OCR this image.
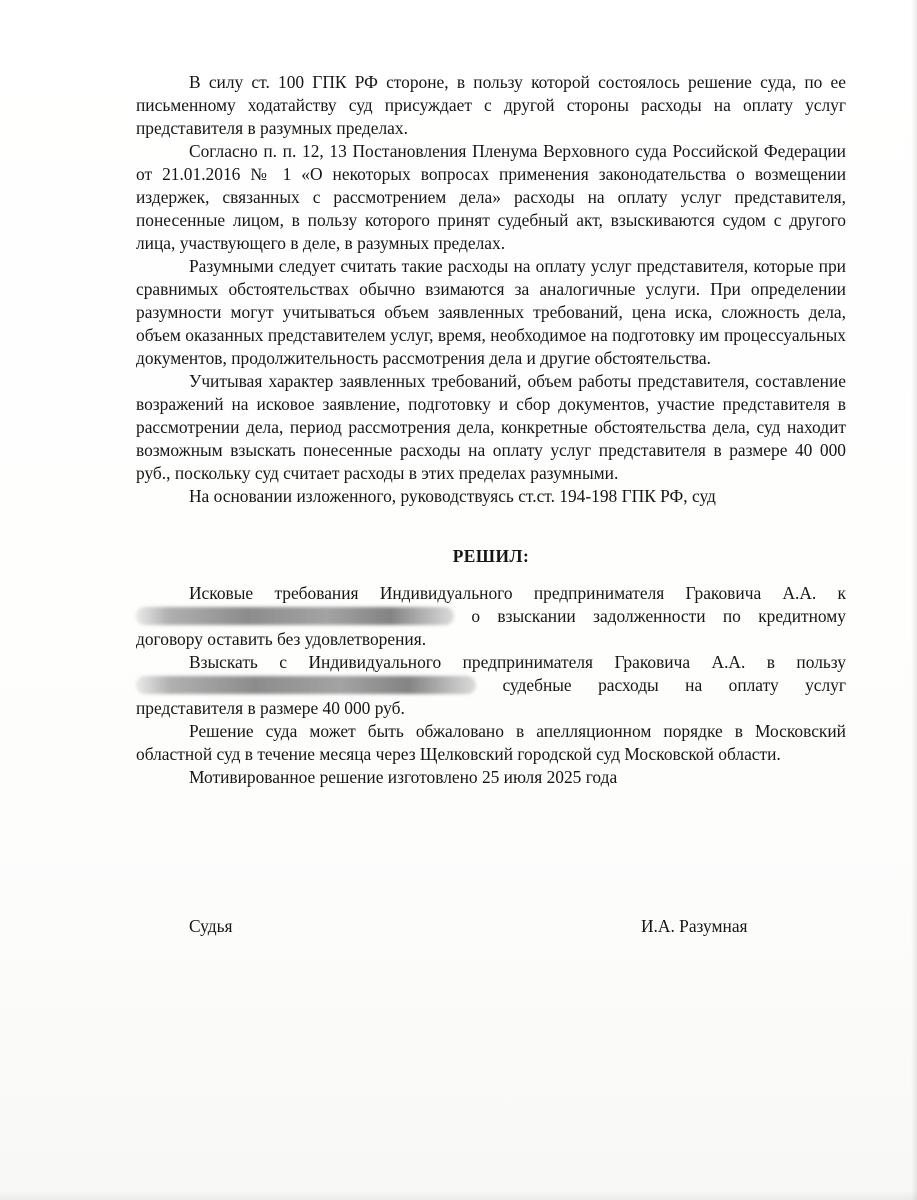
В силу ст. 100 ГПК РФ стороне, в пользу которой состоялось решение суда, по ее письменному ходатайству суд присуждает с другой стороны расходы на оплату услуг представителя в разумных пределах.

Согласно п. п. 12, 13 Постановления Пленума Верховного суда Российской Федерации от 21.01.2016 № 1 «О некоторых вопросах применения законодательства о возмещении издержек, связанных с рассмотрением дела» расходы на оплату услуг представителя, понесенные лицом, в пользу которого принят судебный акт, взыскиваются судом с другого лица, участвующего в деле, в разумных пределах.

Разумными следует считать такие расходы на оплату услуг представителя, которые при сравнимых обстоятельствах обычно взимаются за аналогичные услуги. При определении разумности могут учитываться объем заявленных требований, цена иска, сложность дела, объем оказанных представителем услуг, время, необходимое на подготовку им процессуальных документов, продолжительность рассмотрения дела и другие обстоятельства.

Учитывая характер заявленных требований, объем работы представителя, составление возражений на исковое заявление, подготовку и сбор документов, участие представителя в рассмотрении дела, период рассмотрения дела, конкретные обстоятельства дела, суд находит возможным взыскать понесенные расходы на оплату услуг представителя в размере 40 000 руб., поскольку суд считает расходы в этих пределах разумными.

На основании изложенного, руководствуясь ст.ст. 194-198 ГПК РФ, суд

РЕШИЛ:

Исковые требования Индивидуального предпринимателя Граковича А.А. к  о взыскании задолженности по кредитному договору оставить без удовлетворения.

Взыскать с Индивидуального предпринимателя Граковича А.А. в пользу  судебные расходы на оплату услуг представителя в размере 40 000 руб.

Решение суда может быть обжаловано в апелляционном порядке в Московский областной суд в течение месяца через Щелковский городской суд Московской области.

Мотивированное решение изготовлено 25 июля 2025 года

Судья	И.А. Разумная
